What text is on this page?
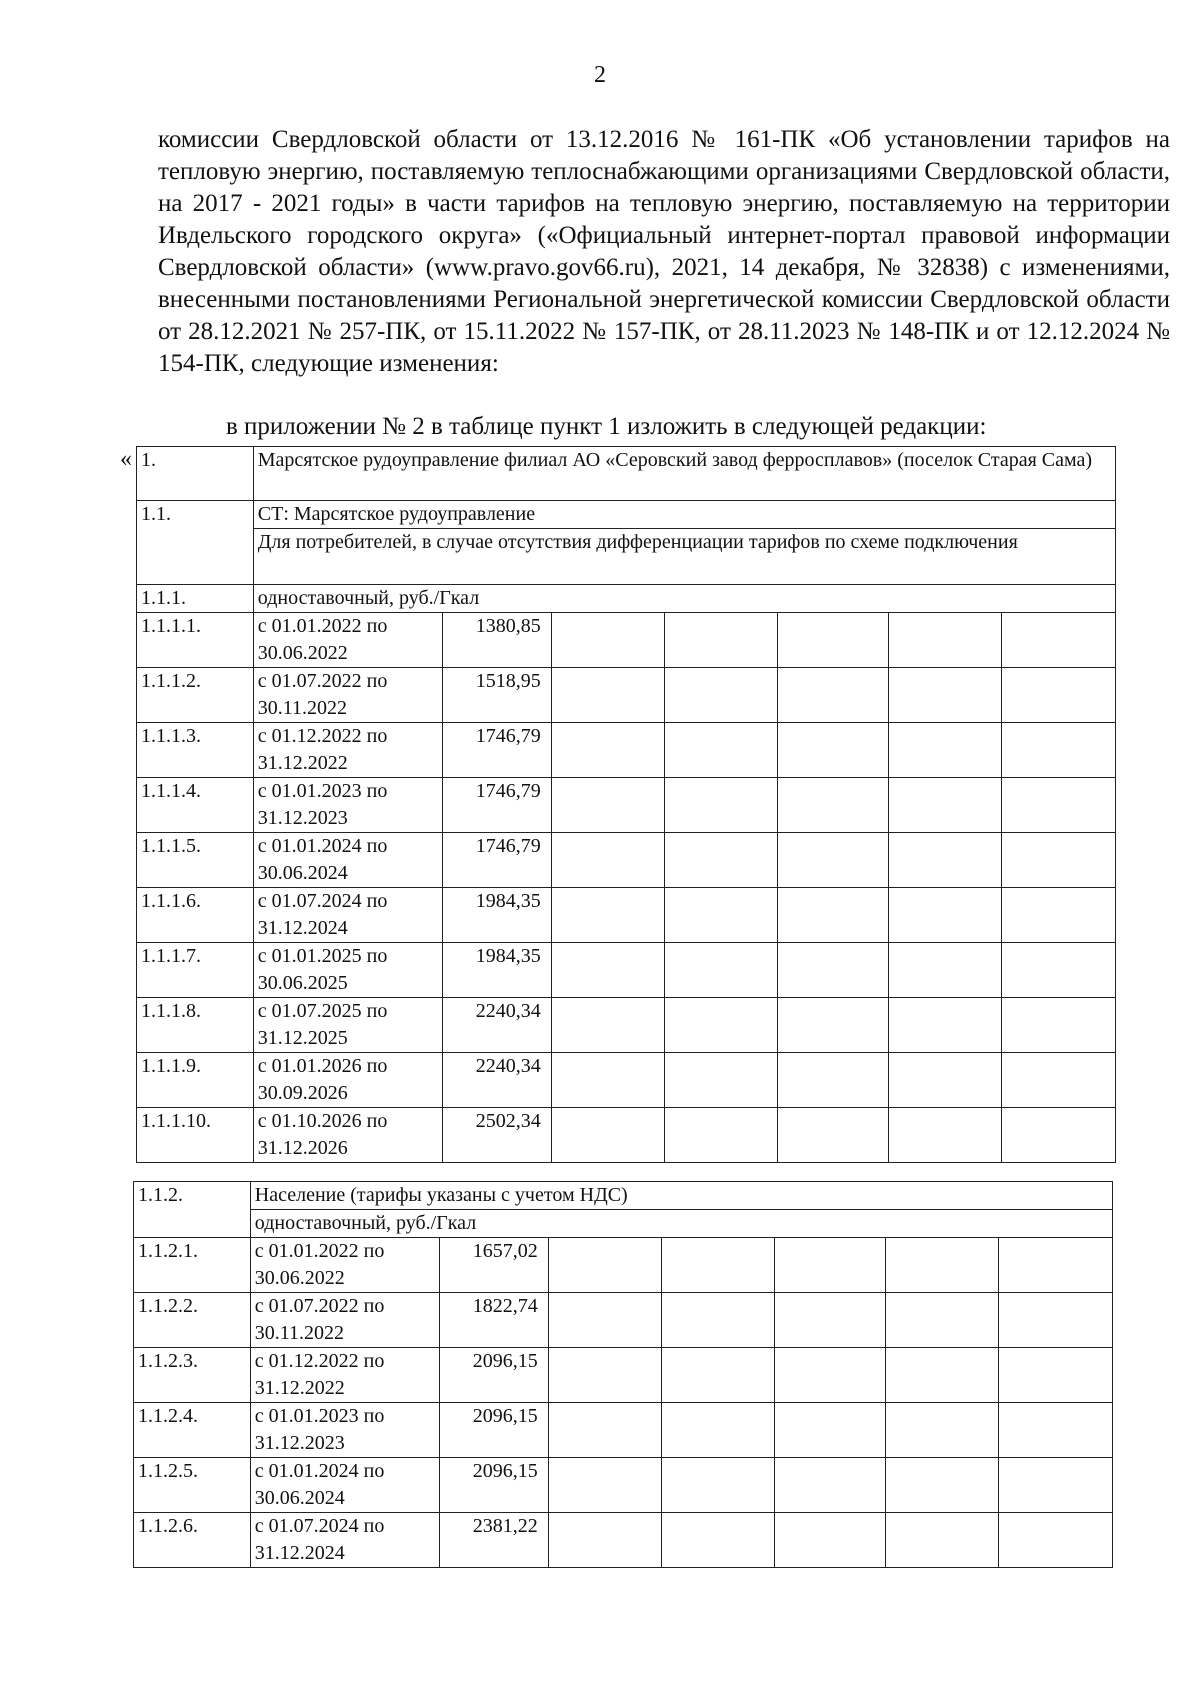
2

комиссии Свердловской области от 13.12.2016 № 161-ПК «Об установлении тарифов на тепловую энергию, поставляемую теплоснабжающими организациями Свердловской области, на 2017 - 2021 годы» в части тарифов на тепловую энергию, поставляемую на территории Ивдельского городского округа» («Официальный интернет-портал правовой информации Свердловской области» (www.pravo.gov66.ru), 2021, 14 декабря, № 32838) с изменениями, внесенными постановлениями Региональной энергетической комиссии Свердловской области от 28.12.2021 № 257-ПК, от 15.11.2022 № 157-ПК, от 28.11.2023 № 148-ПК и от 12.12.2024 № 154-ПК, следующие изменения:

в приложении № 2 в таблице пункт 1 изложить в следующей редакции:
« 1.	Марсятское рудоуправление филиал АО «Серовский завод ферросплавов» (поселок Старая Сама)						
1.1.	СТ: Марсятское рудоуправление						
	Для потребителей, в случае отсутствия дифференциации тарифов по схеме подключения						
1.1.1.	одноставочный, руб./Гкал						
1.1.1.1.	с 01.01.2022 по 30.06.2022	1380,85					
1.1.1.2.	с 01.07.2022 по 30.11.2022	1518,95					
1.1.1.3.	с 01.12.2022 по 31.12.2022	1746,79					
1.1.1.4.	с 01.01.2023 по 31.12.2023	1746,79					
1.1.1.5.	с 01.01.2024 по 30.06.2024	1746,79					
1.1.1.6.	с 01.07.2024 по 31.12.2024	1984,35					
1.1.1.7.	с 01.01.2025 по 30.06.2025	1984,35					
1.1.1.8.	с 01.07.2025 по 31.12.2025	2240,34					
1.1.1.9.	с 01.01.2026 по 30.09.2026	2240,34					
1.1.1.10.	с 01.10.2026 по 31.12.2026	2502,34					
1.1.2.	Население (тарифы указаны с учетом НДС)						
	одноставочный, руб./Гкал						
1.1.2.1.	с 01.01.2022 по 30.06.2022	1657,02					
1.1.2.2.	с 01.07.2022 по 30.11.2022	1822,74					
1.1.2.3.	с 01.12.2022 по 31.12.2022	2096,15					
1.1.2.4.	с 01.01.2023 по 31.12.2023	2096,15					
1.1.2.5.	с 01.01.2024 по 30.06.2024	2096,15					
1.1.2.6.	с 01.07.2024 по 31.12.2024	2381,22					
